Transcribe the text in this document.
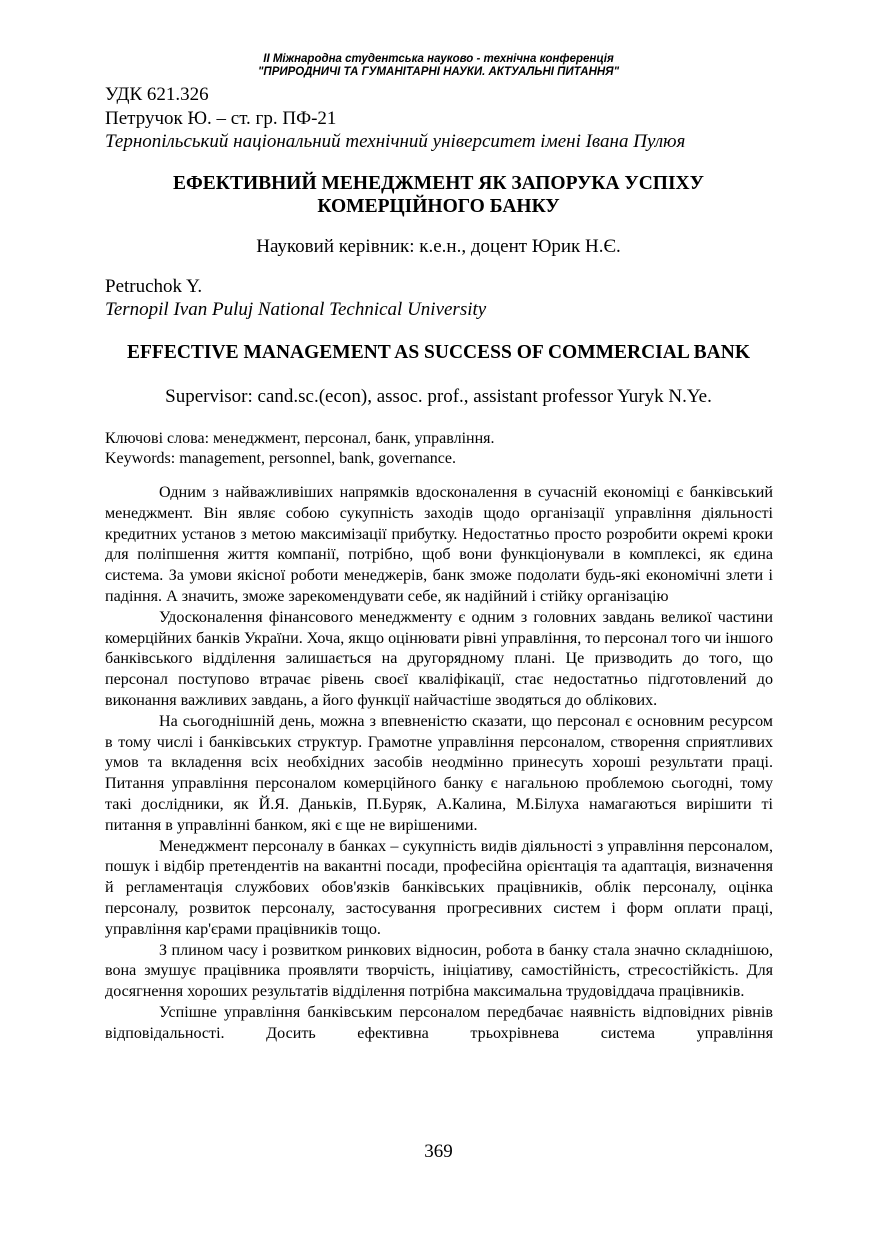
II Міжнародна студентська науково - технічна конференція
"ПРИРОДНИЧІ ТА ГУМАНІТАРНІ НАУКИ. АКТУАЛЬНІ ПИТАННЯ"
УДК 621.326
Петручок Ю. – ст. гр. ПФ-21
Тернопільський національний технічний університет імені Івана Пулюя
ЕФЕКТИВНИЙ МЕНЕДЖМЕНТ ЯК ЗАПОРУКА УСПІХУ
КОМЕРЦІЙНОГО БАНКУ
Науковий керівник: к.е.н., доцент Юрик Н.Є.
Petruchok Y.
Ternopil Ivan Puluj National Technical University
EFFECTIVE MANAGEMENT AS SUCCESS OF COMMERCIAL BANK
Supervisor: cand.sc.(econ), assoc. prof., assistant professor Yuryk N.Ye.
Ключові слова: менеджмент, персонал, банк, управління.
Keywords: management, personnel, bank, governance.

Одним з найважливіших напрямків вдосконалення в сучасній економіці є банківський менеджмент. Він являє собою сукупність заходів щодо організації управління діяльності кредитних установ з метою максимізації прибутку. Недостатньо просто розробити окремі кроки для поліпшення життя компанії, потрібно, щоб вони функціонували в комплексі, як єдина система. За умови якісної роботи менеджерів, банк зможе подолати будь-які економічні злети і падіння. А значить, зможе зарекомендувати себе, як надійний і стійку організацію

Удосконалення фінансового менеджменту є одним з головних завдань великої частини комерційних банків України. Хоча, якщо оцінювати рівні управління, то персонал того чи іншого банківського відділення залишається на другорядному плані. Це призводить до того, що персонал поступово втрачає рівень своєї кваліфікації, стає недостатньо підготовлений до виконання важливих завдань, а його функції найчастіше зводяться до облікових.

На сьогоднішній день, можна з впевненістю сказати, що персонал є основним ресурсом в тому числі і банківських структур. Грамотне управління персоналом, створення сприятливих умов та вкладення всіх необхідних засобів неодмінно принесуть хороші результати праці. Питання управління персоналом комерційного банку є нагальною проблемою сьогодні, тому такі дослідники, як Й.Я. Даньків, П.Буряк, А.Калина, М.Білуха намагаються вирішити ті питання в управлінні банком, які є ще не вирішеними.

Менеджмент персоналу в банках – сукупність видів діяльності з управління персоналом, пошук і відбір претендентів на вакантні посади, професійна орієнтація та адаптація, визначення й регламентація службових обов'язків банківських працівників, облік персоналу, оцінка персоналу, розвиток персоналу, застосування прогресивних систем і форм оплати праці, управління кар'єрами працівників тощо.

З плином часу і розвитком ринкових відносин, робота в банку стала значно складнішою, вона змушує працівника проявляти творчість, ініціативу, самостійність, стресостійкість. Для досягнення хороших результатів відділення потрібна максимальна трудовіддача працівників.

Успішне управління банківським персоналом передбачає наявність відповідних рівнів відповідальності. Досить ефективна трьохрівнева система управління

369
